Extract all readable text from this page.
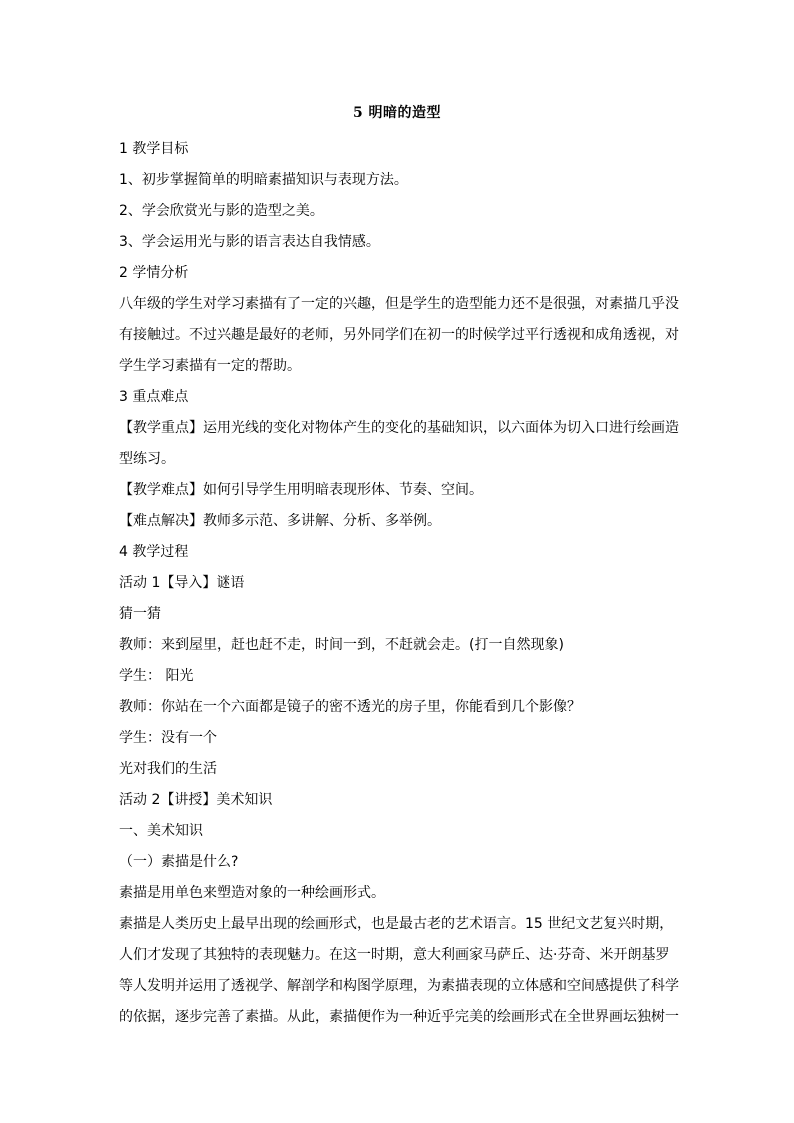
5 明暗的造型
1 教学目标
1、初步掌握简单的明暗素描知识与表现方法。
2、学会欣赏光与影的造型之美。
3、学会运用光与影的语言表达自我情感。
2 学情分析
八年级的学生对学习素描有了一定的兴趣，但是学生的造型能力还不是很强，对素描几乎没
有接触过。不过兴趣是最好的老师，另外同学们在初一的时候学过平行透视和成角透视，对
学生学习素描有一定的帮助。
3 重点难点
【教学重点】运用光线的变化对物体产生的变化的基础知识，以六面体为切入口进行绘画造
型练习。
【教学难点】如何引导学生用明暗表现形体、节奏、空间。
【难点解决】教师多示范、多讲解、分析、多举例。
4 教学过程
活动 1【导入】谜语
猜一猜
教师：来到屋里，赶也赶不走，时间一到，不赶就会走。(打一自然现象)
学生： 阳光
教师：你站在一个六面都是镜子的密不透光的房子里，你能看到几个影像？
学生：没有一个
光对我们的生活
活动 2【讲授】美术知识
一、美术知识
（一）素描是什么?
素描是用单色来塑造对象的一种绘画形式。
素描是人类历史上最早出现的绘画形式，也是最古老的艺术语言。15 世纪文艺复兴时期，
人们才发现了其独特的表现魅力。在这一时期，意大利画家马萨丘、达·芬奇、米开朗基罗
等人发明并运用了透视学、解剖学和构图学原理，为素描表现的立体感和空间感提供了科学
的依据，逐步完善了素描。从此，素描便作为一种近乎完美的绘画形式在全世界画坛独树一
